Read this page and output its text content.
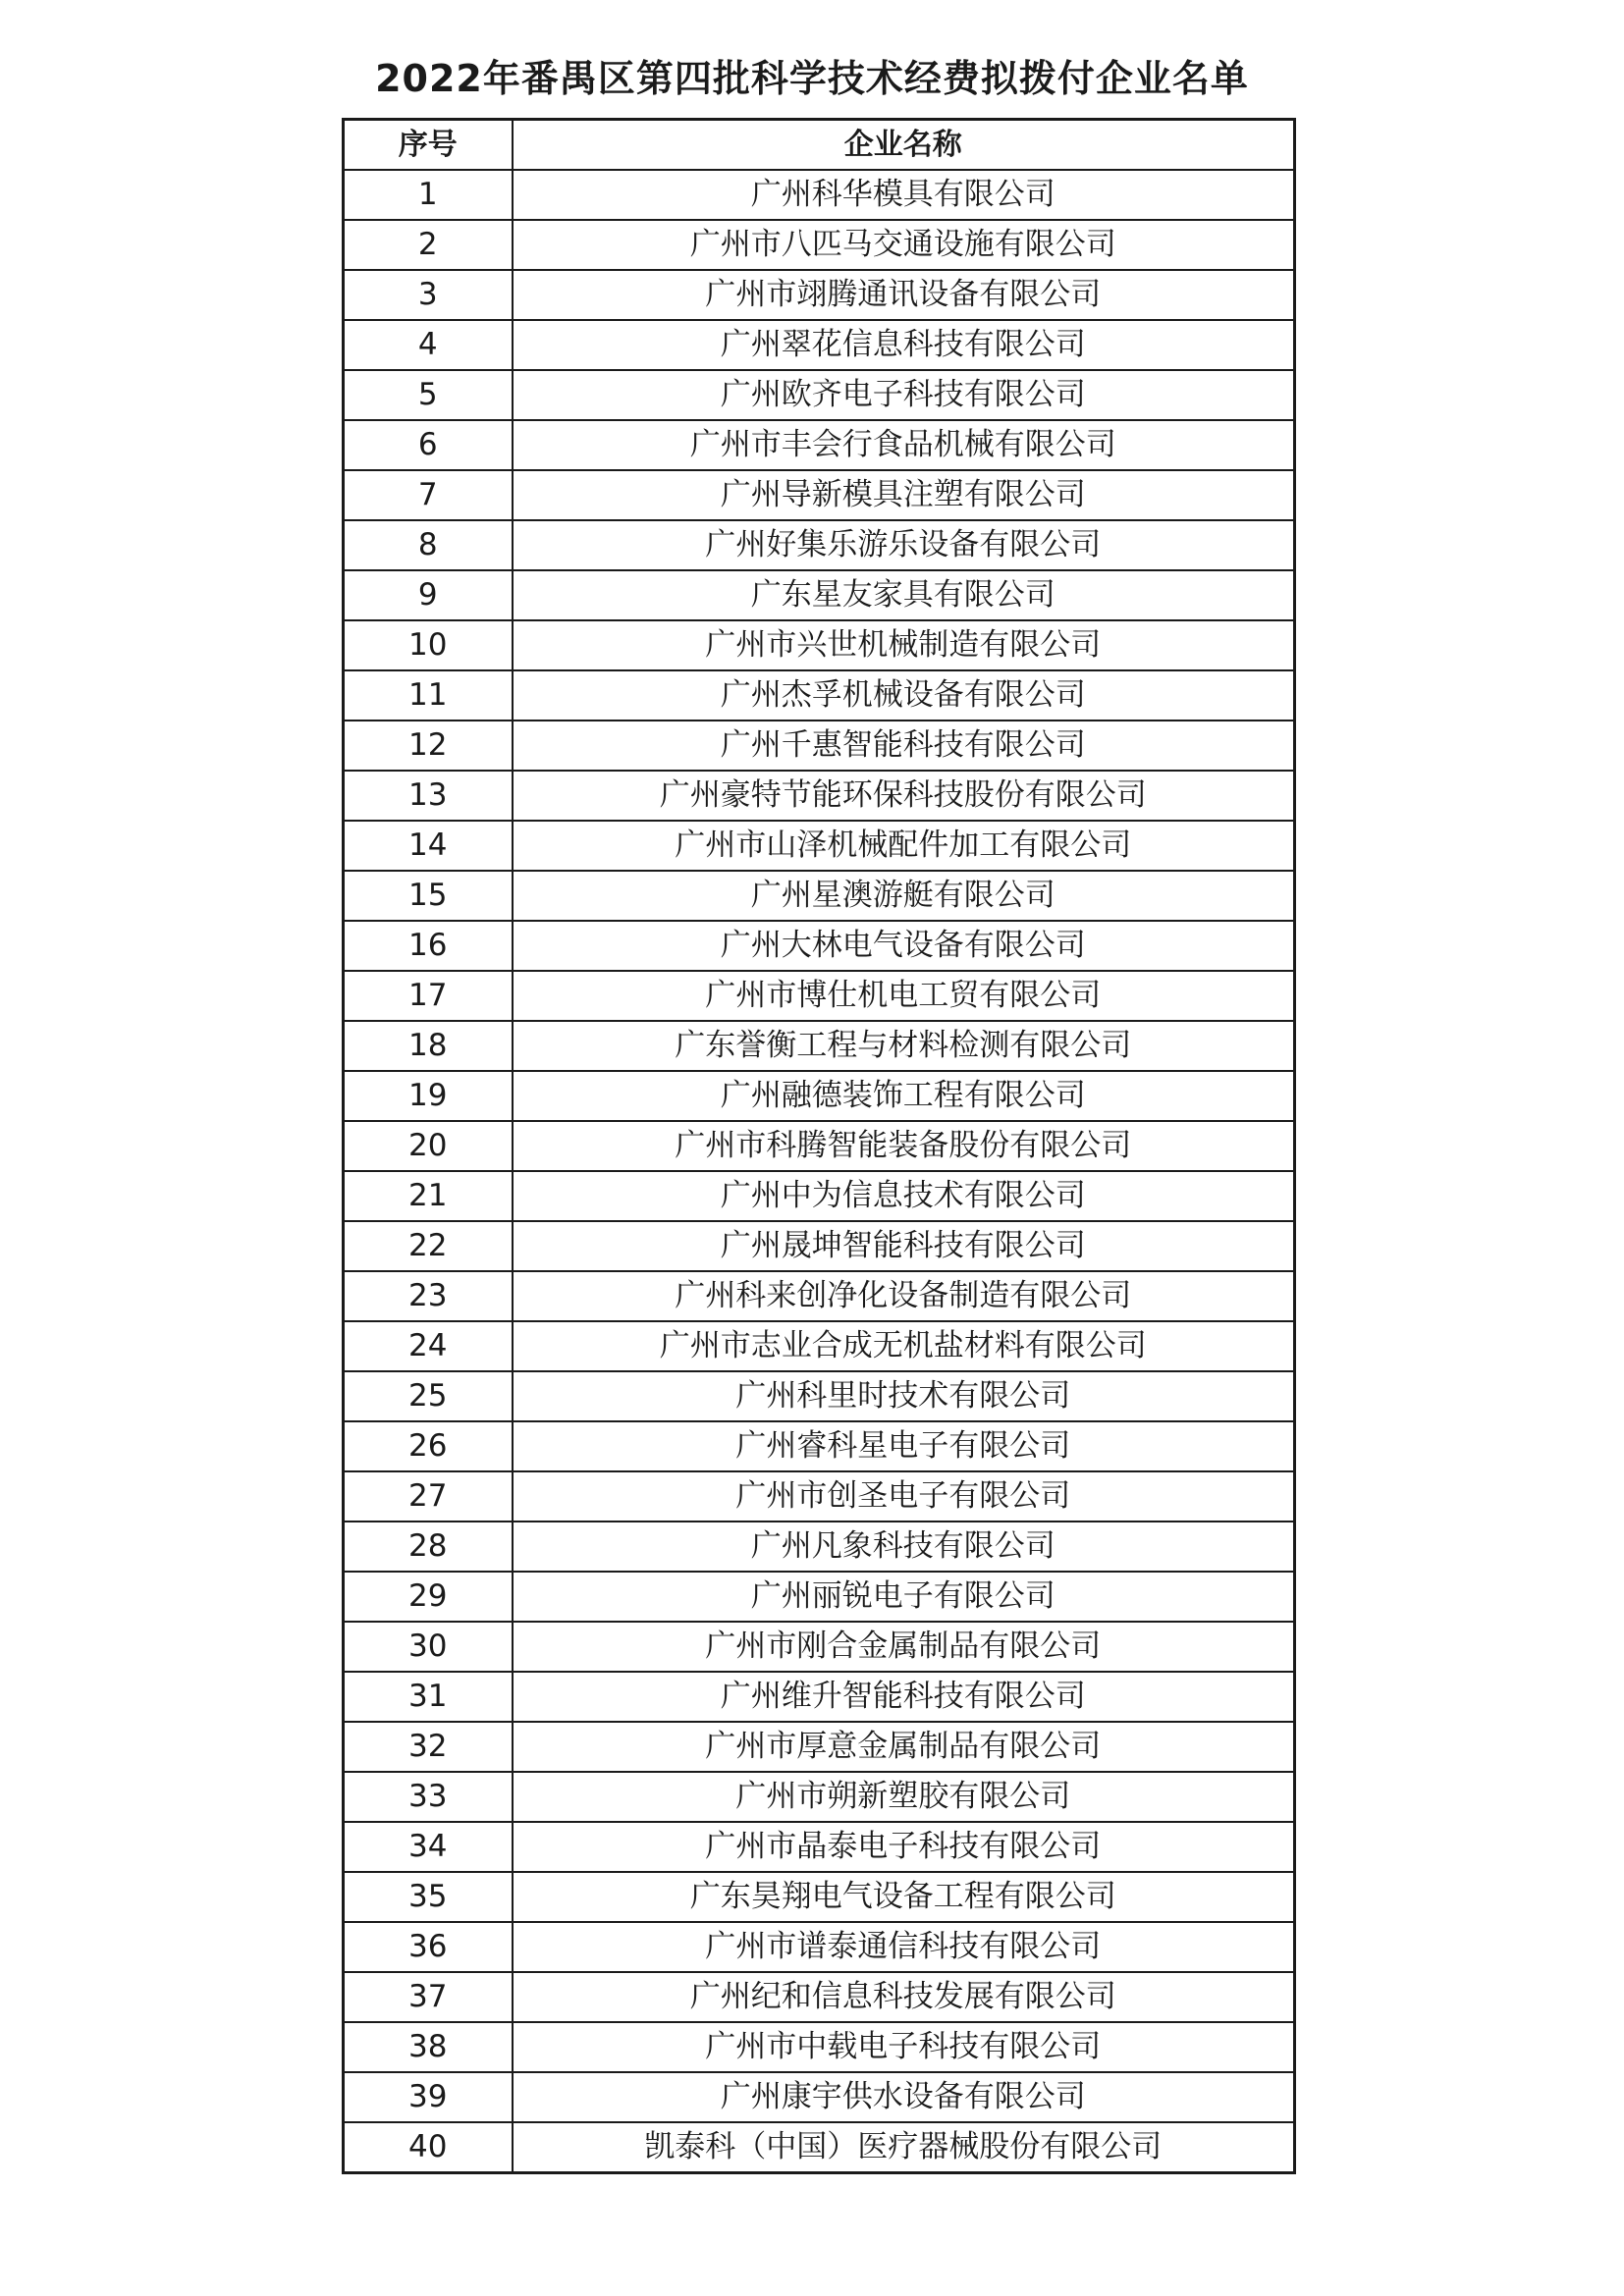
2022年番禺区第四批科学技术经费拟拨付企业名单
序号	企业名称
1	广州科华模具有限公司
2	广州市八匹马交通设施有限公司
3	广州市翊腾通讯设备有限公司
4	广州翠花信息科技有限公司
5	广州欧齐电子科技有限公司
6	广州市丰会行食品机械有限公司
7	广州导新模具注塑有限公司
8	广州好集乐游乐设备有限公司
9	广东星友家具有限公司
10	广州市兴世机械制造有限公司
11	广州杰孚机械设备有限公司
12	广州千惠智能科技有限公司
13	广州豪特节能环保科技股份有限公司
14	广州市山泽机械配件加工有限公司
15	广州星澳游艇有限公司
16	广州大林电气设备有限公司
17	广州市博仕机电工贸有限公司
18	广东誉衡工程与材料检测有限公司
19	广州融德装饰工程有限公司
20	广州市科腾智能装备股份有限公司
21	广州中为信息技术有限公司
22	广州晟坤智能科技有限公司
23	广州科来创净化设备制造有限公司
24	广州市志业合成无机盐材料有限公司
25	广州科里时技术有限公司
26	广州睿科星电子有限公司
27	广州市创圣电子有限公司
28	广州凡象科技有限公司
29	广州丽锐电子有限公司
30	广州市刚合金属制品有限公司
31	广州维升智能科技有限公司
32	广州市厚意金属制品有限公司
33	广州市朔新塑胶有限公司
34	广州市晶泰电子科技有限公司
35	广东昊翔电气设备工程有限公司
36	广州市谱泰通信科技有限公司
37	广州纪和信息科技发展有限公司
38	广州市中载电子科技有限公司
39	广州康宇供水设备有限公司
40	凯泰科（中国）医疗器械股份有限公司
